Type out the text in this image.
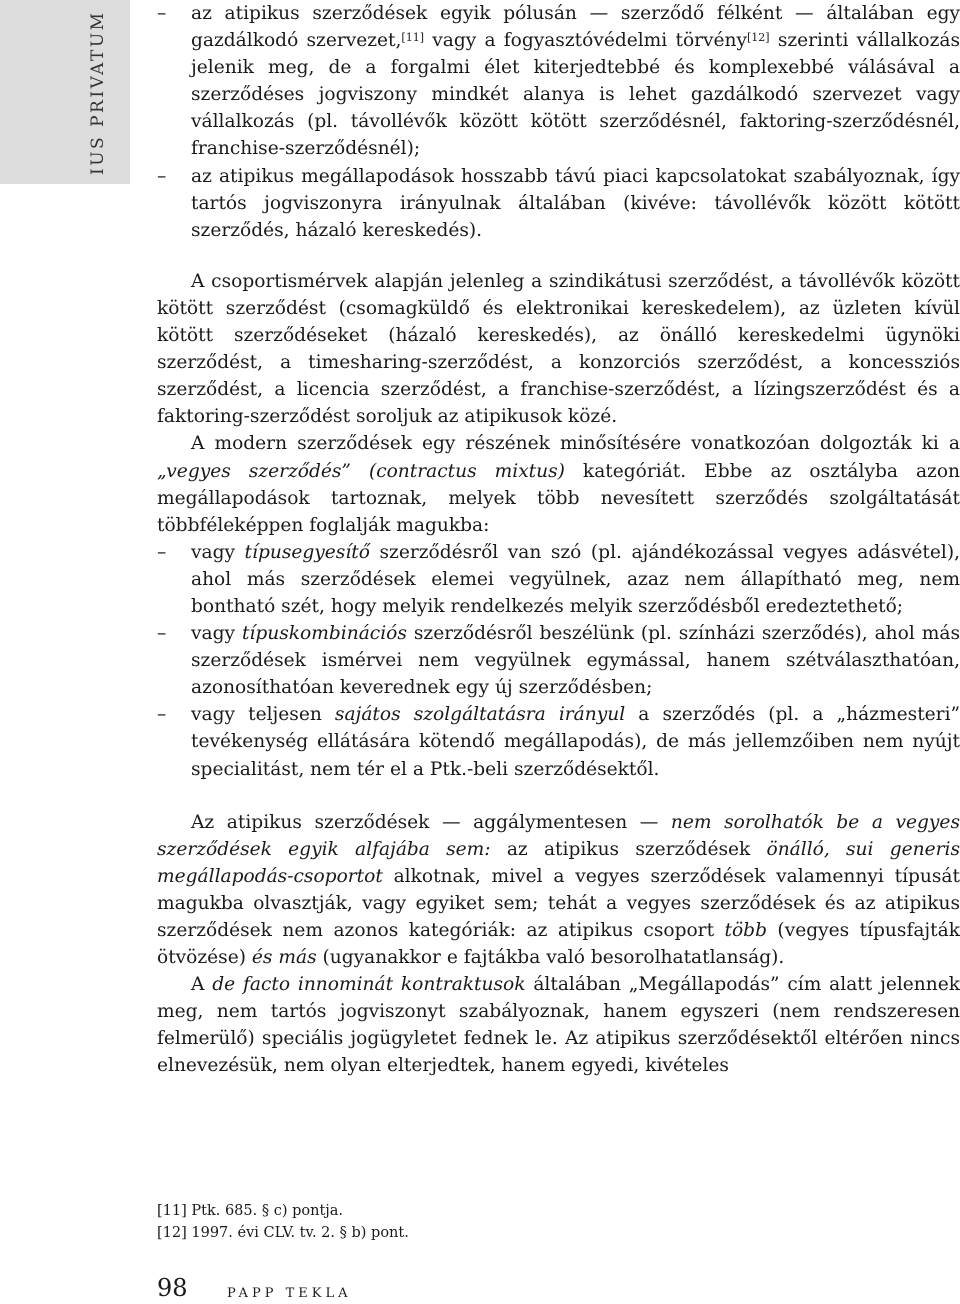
IUS PRIVATUM	– az atipikus szerződések egyik pólusán — szerződő félként — általában egy gazdálkodó szervezet,[11] vagy a fogyasztóvédelmi törvény[12] szerinti vállalkozás jelenik meg, de a forgalmi élet kiterjedtebbé és komplexebbé válásával a szerződéses jogviszony mindkét alanya is lehet gazdálkodó szervezet vagy vállalkozás (pl. távollévők között kötött szerződésnél, faktoring-szerződésnél, franchise-szerződésnél);
– az atipikus megállapodások hosszabb távú piaci kapcsolatokat szabályoznak, így tartós jogviszonyra irányulnak általában (kivéve: távollévők között kötött szerződés, házaló kereskedés).

A csoportismérvek alapján jelenleg a szindikátusi szerződést, a távollévők között kötött szerződést (csomagküldő és elektronikai kereskedelem), az üzleten kívül kötött szerződéseket (házaló kereskedés), az önálló kereskedelmi ügynöki szerződést, a timesharing-szerződést, a konzorciós szerződést, a koncessziós szerződést, a licencia szerződést, a franchise-szerződést, a lízingszerződést és a faktoring-szerződést soroljuk az atipikusok közé.

A modern szerződések egy részének minősítésére vonatkozóan dolgozták ki a „vegyes szerződés” (contractus mixtus) kategóriát. Ebbe az osztályba azon megállapodások tartoznak, melyek több nevesített szerződés szolgáltatását többféleképpen foglalják magukba:

– vagy típusegyesítő szerződésről van szó (pl. ajándékozással vegyes adásvétel), ahol más szerződések elemei vegyülnek, azaz nem állapítható meg, nem bontható szét, hogy melyik rendelkezés melyik szerződésből eredeztethető;
– vagy típuskombinációs szerződésről beszélünk (pl. színházi szerződés), ahol más szerződések ismérvei nem vegyülnek egymással, hanem szétválaszthatóan, azonosíthatóan keverednek egy új szerződésben;
– vagy teljesen sajátos szolgáltatásra irányul a szerződés (pl. a „házmesteri” tevékenység ellátására kötendő megállapodás), de más jellemzőiben nem nyújt specialitást, nem tér el a Ptk.-beli szerződésektől.

Az atipikus szerződések — aggálymentesen — nem sorolhatók be a vegyes szerződések egyik alfajába sem: az atipikus szerződések önálló, sui generis megállapodás-csoportot alkotnak, mivel a vegyes szerződések valamennyi típusát magukba olvasztják, vagy egyiket sem; tehát a vegyes szerződések és az atipikus szerződések nem azonos kategóriák: az atipikus csoport több (vegyes típusfajták ötvözése) és más (ugyanakkor e fajtákba való besorolhatatlanság).

A de facto innominát kontraktusok általában „Megállapodás” cím alatt jelennek meg, nem tartós jogviszonyt szabályoznak, hanem egyszeri (nem rendszeresen felmerülő) speciális jogügyletet fednek le. Az atipikus szerződésektől eltérően nincs elnevezésük, nem olyan elterjedtek, hanem egyedi, kivételes

[11] Ptk. 685. § c) pontja.
[12] 1997. évi CLV. tv. 2. § b) pont.
98	PAPP TEKLA
